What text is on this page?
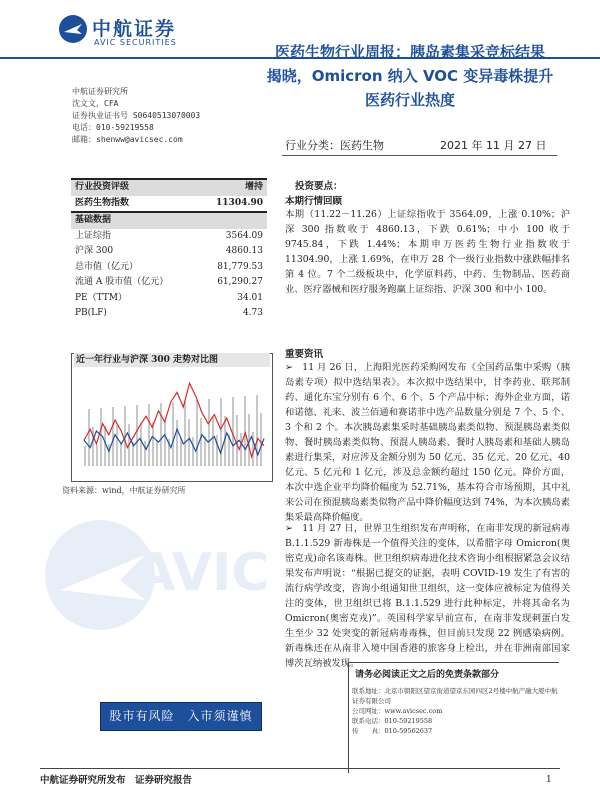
中航证券
AVIC SECURITIES
医药生物行业周报：胰岛素集采竞标结果
揭晓，Omicron 纳入 VOC 变异毒株提升
医药行业热度
中航证券研究所
沈文文，CFA
证券执业证书号 S0640513070003
电话：010-59219558
邮箱：shenww@avicsec.com	行业分类：医药生物	2021 年 11 月 27 日
行业投资评级	增持
医药生物指数	11304.90
基础数据
上证综指	3564.09
沪深 300	4860.13
总市值（亿元）	81,779.53
流通 A 股市值（亿元）	61,290.27
PE（TTM）	34.01
PB(LF)	4.73
近一年行业与沪深 300 走势对比图
资料来源：wind，中航证券研究所
AVIC
投资要点：
本期行情回顾
本期（11.22－11.26）上证综指收于 3564.09，上涨 0.10%；沪深 300 指数收于 4860.13，下跌 0.61%；中小 100 收于 9745.84，下跌 1.44%；本期申万医药生物行业指数收于 11304.90，上涨 1.69%，在申万 28 个一级行业指数中涨跌幅排名第 4 位。7 个二级板块中，化学原料药、中药、生物制品、医药商业、医疗器械和医疗服务跑赢上证综指、沪深 300 和中小 100。
重要资讯
➢　11 月 26 日，上海阳光医药采购网发布《全国药品集中采购（胰岛素专项）拟中选结果表》。本次拟中选结果中，甘李药业、联邦制药、通化东宝分别有 6 个、6 个、5 个产品中标；海外企业方面，诺和诺德、礼来、波兰佰通和赛诺菲中选产品数量分别是 7 个、5 个、3 个和 2 个。本次胰岛素集采时基础胰岛素类似物、预混胰岛素类似物、餐时胰岛素类似物、预混人胰岛素、餐时人胰岛素和基础人胰岛素进行集采，对应涉及金额分别为 50 亿元、35 亿元、20 亿元、40 亿元、5 亿元和 1 亿元，涉及总金额约超过 150 亿元。降价方面，本次中选企业平均降价幅度为 52.71%，基本符合市场预期，其中礼来公司在预混胰岛素类似物产品中降价幅度达到 74%，为本次胰岛素集采最高降价幅度。
➢　11 月 27 日，世界卫生组织发布声明称，在南非发现的新冠病毒 B.1.1.529 新毒株是一个值得关注的变体，以希腊字母 Omicron(奥密克戎)命名该毒株。世卫组织病毒进化技术咨询小组根据紧急会议结果发布声明说：“根据已提交的证据，表明 COVID-19 发生了有害的流行病学改变，咨询小组通知世卫组织，这一变体应被标定为值得关注的变体，世卫组织已将 B.1.1.529 进行此种标定，并将其命名为 Omicron(奥密克戎)”。英国科学家早前宣布，在南非发现刺蛋白发生至少 32 处突变的新冠病毒毒株，但目前只发现 22 例感染病例。新毒株还在从南非入境中国香港的旅客身上检出，并在非洲南部国家博茨瓦纳被发现。
股市有风险　入市须谨慎
请务必阅读正文之后的免责条款部分
联系地址：北京市朝阳区望京街道望京东园四区2号楼中航产融大厦中航证券有限公司
公司网址：www.avicsec.com
联系电话：010-59219558
传　　真：010-59562637
中航证券研究所发布　证券研究报告	1
